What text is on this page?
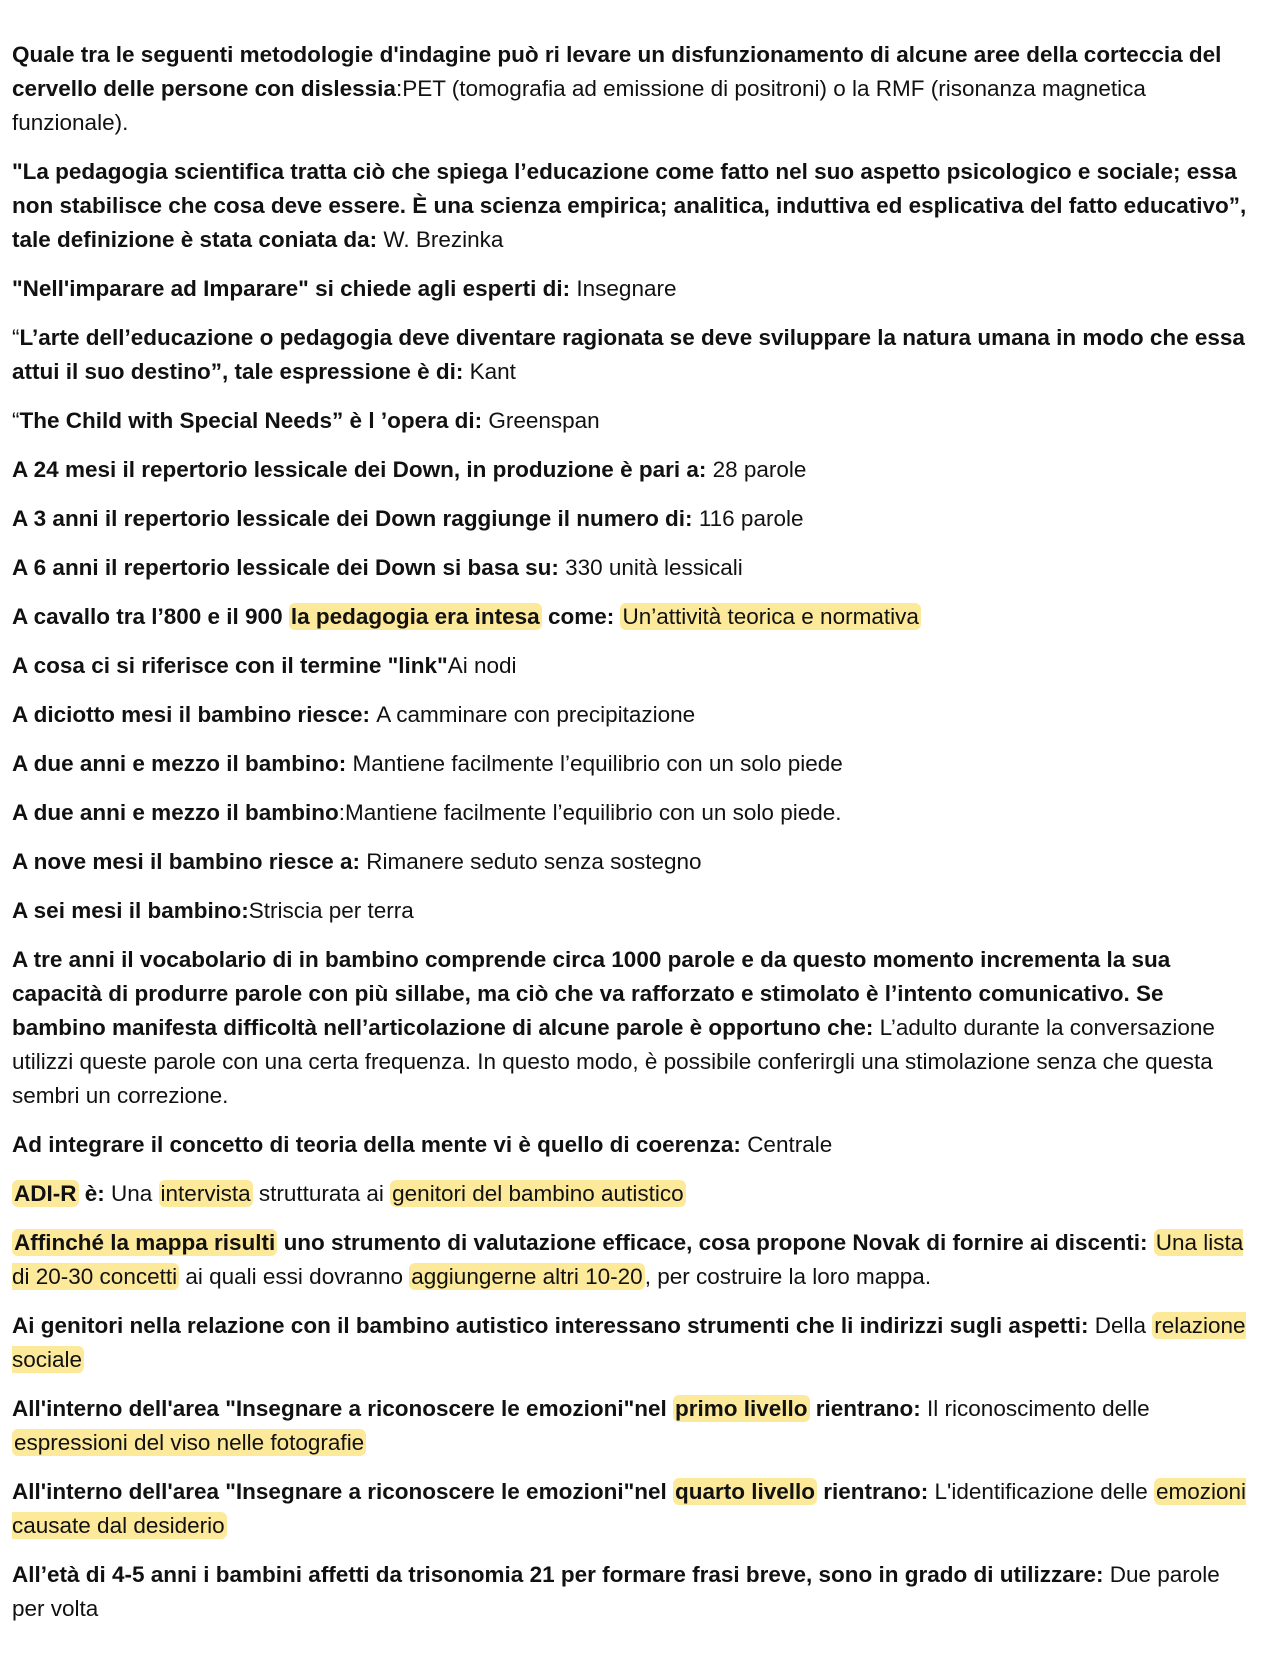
Quale tra le seguenti metodologie d'indagine può ri levare un disfunzionamento di alcune aree della corteccia del cervello delle persone con dislessia:PET (tomografia ad emissione di positroni) o la RMF (risonanza magnetica funzionale).

"La pedagogia scientifica tratta ciò che spiega l’educazione come fatto nel suo aspetto psicologico e sociale; essa non stabilisce che cosa deve essere. È una scienza empirica; analitica, induttiva ed esplicativa del fatto educativo”, tale definizione è stata coniata da: W. Brezinka

"Nell'imparare ad Imparare" si chiede agli esperti di: Insegnare

“L’arte dell’educazione o pedagogia deve diventare ragionata se deve sviluppare la natura umana in modo che essa attui il suo destino”, tale espressione è di: Kant

“The Child with Special Needs” è l ’opera di: Greenspan

A 24 mesi il repertorio lessicale dei Down, in produzione è pari a: 28 parole

A 3 anni il repertorio lessicale dei Down raggiunge il numero di: 116 parole

A 6 anni il repertorio lessicale dei Down si basa su: 330 unità lessicali

A cavallo tra l’800 e il 900 la pedagogia era intesa come: Un’attività teorica e normativa

A cosa ci si riferisce con il termine "link"Ai nodi

A diciotto mesi il bambino riesce: A camminare con precipitazione

A due anni e mezzo il bambino: Mantiene facilmente l’equilibrio con un solo piede

A due anni e mezzo il bambino:Mantiene facilmente l’equilibrio con un solo piede.

A nove mesi il bambino riesce a: Rimanere seduto senza sostegno

A sei mesi il bambino:Striscia per terra

A tre anni il vocabolario di in bambino comprende circa 1000 parole e da questo momento incrementa la sua capacità di produrre parole con più sillabe, ma ciò che va rafforzato e stimolato è l’intento comunicativo. Se bambino manifesta difficoltà nell’articolazione di alcune parole è opportuno che: L’adulto durante la conversazione utilizzi queste parole con una certa frequenza. In questo modo, è possibile conferirgli una stimolazione senza che questa sembri un correzione.

Ad integrare il concetto di teoria della mente vi è quello di coerenza: Centrale

ADI-R è: Una intervista strutturata ai genitori del bambino autistico

Affinché la mappa risulti uno strumento di valutazione efficace, cosa propone Novak di fornire ai discenti: Una lista di 20-30 concetti ai quali essi dovranno aggiungerne altri 10-20, per costruire la loro mappa.

Ai genitori nella relazione con il bambino autistico interessano strumenti che li indirizzi sugli aspetti: Della relazione sociale

All'interno dell'area "Insegnare a riconoscere le emozioni"nel primo livello rientrano: Il riconoscimento delle espressioni del viso nelle fotografie

All'interno dell'area "Insegnare a riconoscere le emozioni"nel quarto livello rientrano: L'identificazione delle emozioni causate dal desiderio

All’età di 4-5 anni i bambini affetti da trisonomia 21 per formare frasi breve, sono in grado di utilizzare: Due parole per volta
